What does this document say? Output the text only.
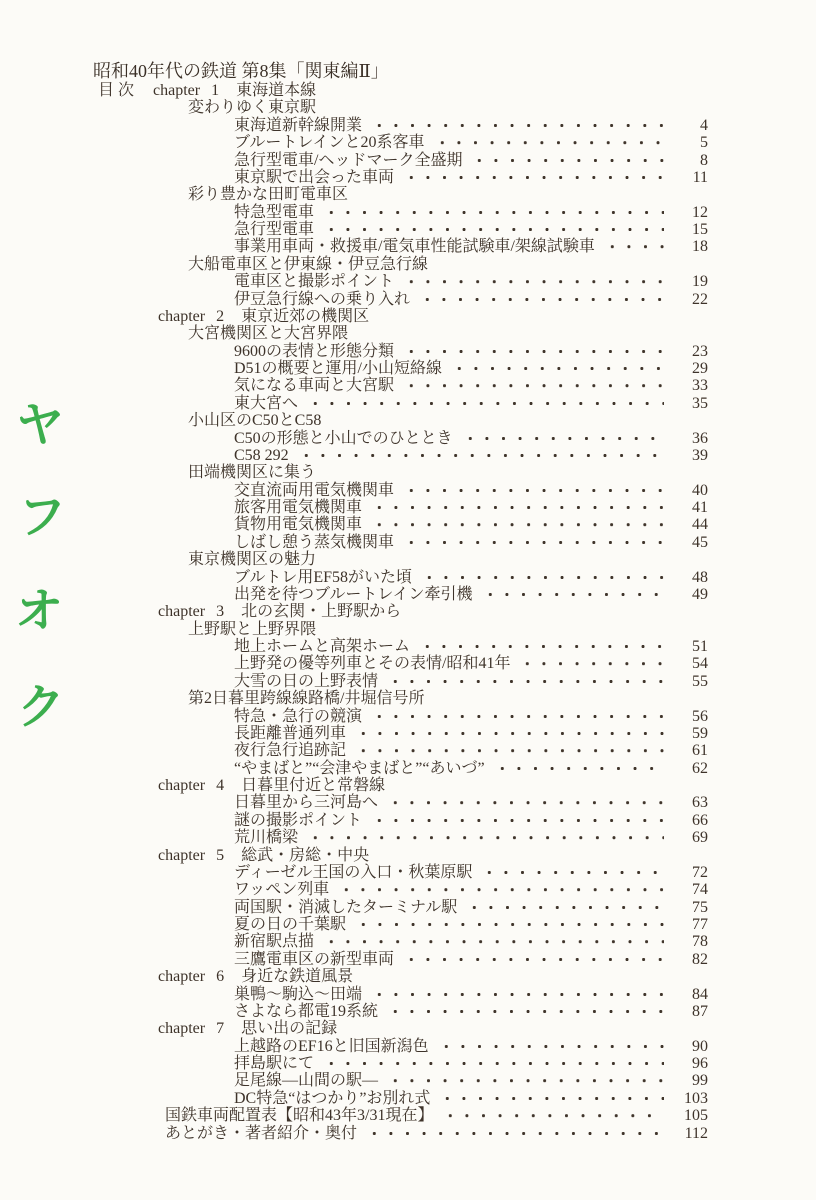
ヤ
フ
オ
ク
昭和40年代の鉄道 第8集「関東編Ⅱ」
目 次 chapter 1 東海道本線
変わりゆく東京駅
東海道新幹線開業	4
ブルートレインと20系客車	5
急行型電車/ヘッドマーク全盛期	8
東京駅で出会った車両	11
彩り豊かな田町電車区
特急型電車	12
急行型電車	15
事業用車両・救援車/電気車性能試験車/架線試験車	18
大船電車区と伊東線・伊豆急行線
電車区と撮影ポイント	19
伊豆急行線への乗り入れ	22
chapter 2 東京近郊の機関区
大宮機関区と大宮界隈
9600の表情と形態分類	23
D51の概要と運用/小山短絡線	29
気になる車両と大宮駅	33
東大宮へ	35
小山区のC50とC58
C50の形態と小山でのひととき	36
C58 292	39
田端機関区に集う
交直流両用電気機関車	40
旅客用電気機関車	41
貨物用電気機関車	44
しばし憩う蒸気機関車	45
東京機関区の魅力
ブルトレ用EF58がいた頃	48
出発を待つブルートレイン牽引機	49
chapter 3 北の玄関・上野駅から
上野駅と上野界隈
地上ホームと高架ホーム	51
上野発の優等列車とその表情/昭和41年	54
大雪の日の上野表情	55
第2日暮里跨線線路橋/井堀信号所
特急・急行の競演	56
長距離普通列車	59
夜行急行追跡記	61
“やまばと”“会津やまばと”“あいづ”	62
chapter 4 日暮里付近と常磐線
日暮里から三河島へ	63
謎の撮影ポイント	66
荒川橋梁	69
chapter 5 総武・房総・中央
ディーゼル王国の入口・秋葉原駅	72
ワッペン列車	74
両国駅・消滅したターミナル駅	75
夏の日の千葉駅	77
新宿駅点描	78
三鷹電車区の新型車両	82
chapter 6 身近な鉄道風景
巣鴨〜駒込〜田端	84
さよなら都電19系統	87
chapter 7 思い出の記録
上越路のEF16と旧国新潟色	90
拝島駅にて	96
足尾線―山間の駅―	99
DC特急“はつかり”お別れ式	103
国鉄車両配置表【昭和43年3/31現在】	105
あとがき・著者紹介・奥付	112
